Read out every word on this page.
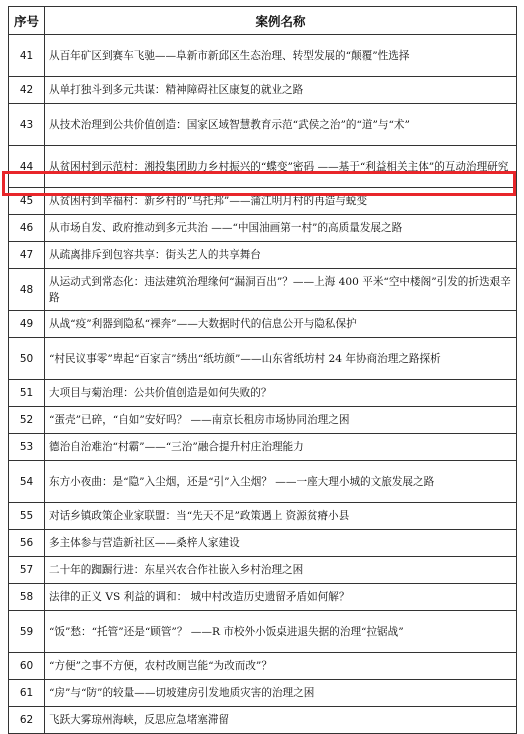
序号	案例名称
41	从百年矿区到赛车飞驰——阜新市新邱区生态治理、转型发展的“颠覆”性选择
42	从单打独斗到多元共谋：精神障碍社区康复的就业之路
43	从技术治理到公共价值创造：国家区域智慧教育示范“武侯之治”的“道”与“术”
44	从贫困村到示范村：湘投集团助力乡村振兴的“蝶变”密码 ——基于“利益相关主体”的互动治理研究
45	从贫困村到幸福村：新乡村的“乌托邦”——蒲江明月村的再造与蜕变
46	从市场自发、政府推动到多元共治 ——“中国油画第一村”的高质量发展之路
47	从疏离排斥到包容共享：街头艺人的共享舞台
48	从运动式到常态化：违法建筑治理缘何“漏洞百出”？——上海 400 平米“空中楼阁”引发的折迭艰辛路
49	从战“疫”利器到隐私“裸奔”——大数据时代的信息公开与隐私保护
50	“村民议事零”卑起“百家言”绣出“纸坊颜”——山东省纸坊村 24 年协商治理之路探析
51	大项目与菊治理：公共价值创造是如何失败的？
52	“蛋壳”已碎，“自如”安好吗？ ——南京长租房市场协同治理之困
53	德治自治难治“村霸”——“三治”融合提升村庄治理能力
54	东方小夜曲：是“隐”入尘烟，还是“引”入尘烟？ ——一座大理小城的文旅发展之路
55	对话乡镇政策企业家联盟：当“先天不足”政策遇上 资源贫瘠小县
56	多主体参与营造新社区——桑梓人家建设
57	二十年的踟蹰行进：东星兴农合作社嵌入乡村治理之困
58	法律的正义 VS 利益的调和： 城中村改造历史遗留矛盾如何解？
59	“饭”愁：“托管”还是“顾管”？ ——R 市校外小饭桌进退失据的治理“拉锯战”
60	“方便”之事不方便，农村改厕岂能“为改而改”？
61	“房”与“防”的较量——切坡建房引发地质灾害的治理之困
62	飞跃大雾琼州海峡，反思应急堵塞滞留
